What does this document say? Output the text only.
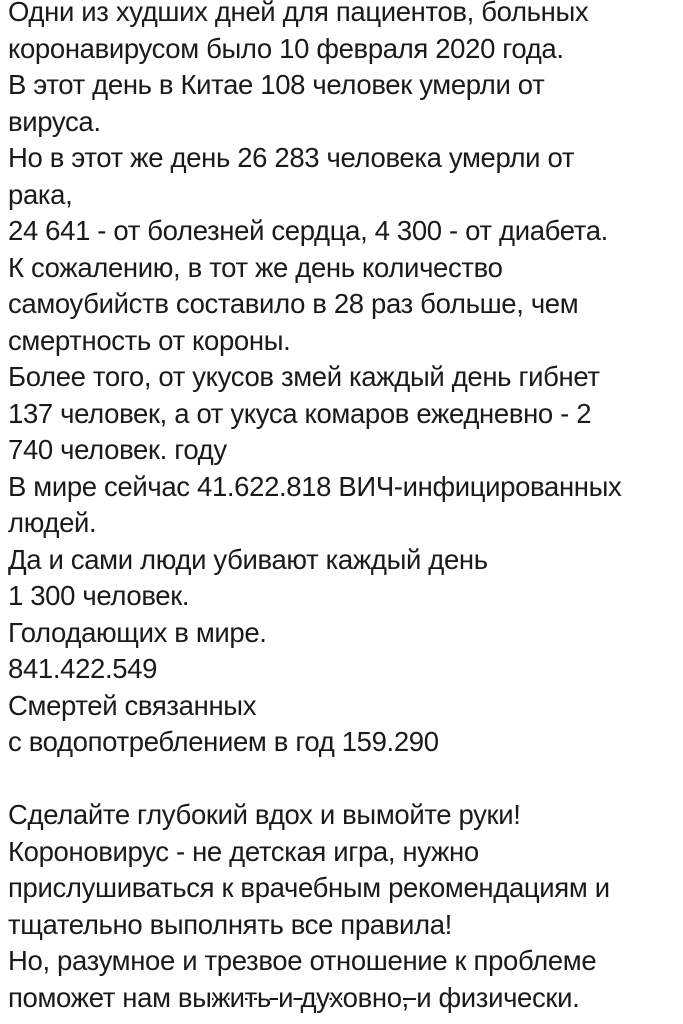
Одни из худших дней для пациентов, больных
коронавирусом было 10 февраля 2020 года.
В этот день в Китае 108 человек умерли от
вируса.
Но в этот же день 26 283 человека умерли от
рака,
24 641 - от болезней сердца, 4 300 - от диабета.
К сожалению, в тот же день количество
самоубийств составило в 28 раз больше, чем
смертность от короны.
Более того, от укусов змей каждый день гибнет
137 человек, а от укуса комаров ежедневно - 2
740 человек. году
В мире сейчас 41.622.818 ВИЧ-инфицированных
людей.
Да и сами люди убивают каждый день
1 300 человек.
Голодающих в мире.
841.422.549
Смертей связанных
с водопотреблением в год 159.290
Сделайте глубокий вдох и вымойте руки!
Короновирус - не детская игра, нужно
прислушиваться к врачебным рекомендациям и
тщательно выполнять все правила!
Но, разумное и трезвое отношение к проблеме
поможет нам выжить и духовно, и физически.
